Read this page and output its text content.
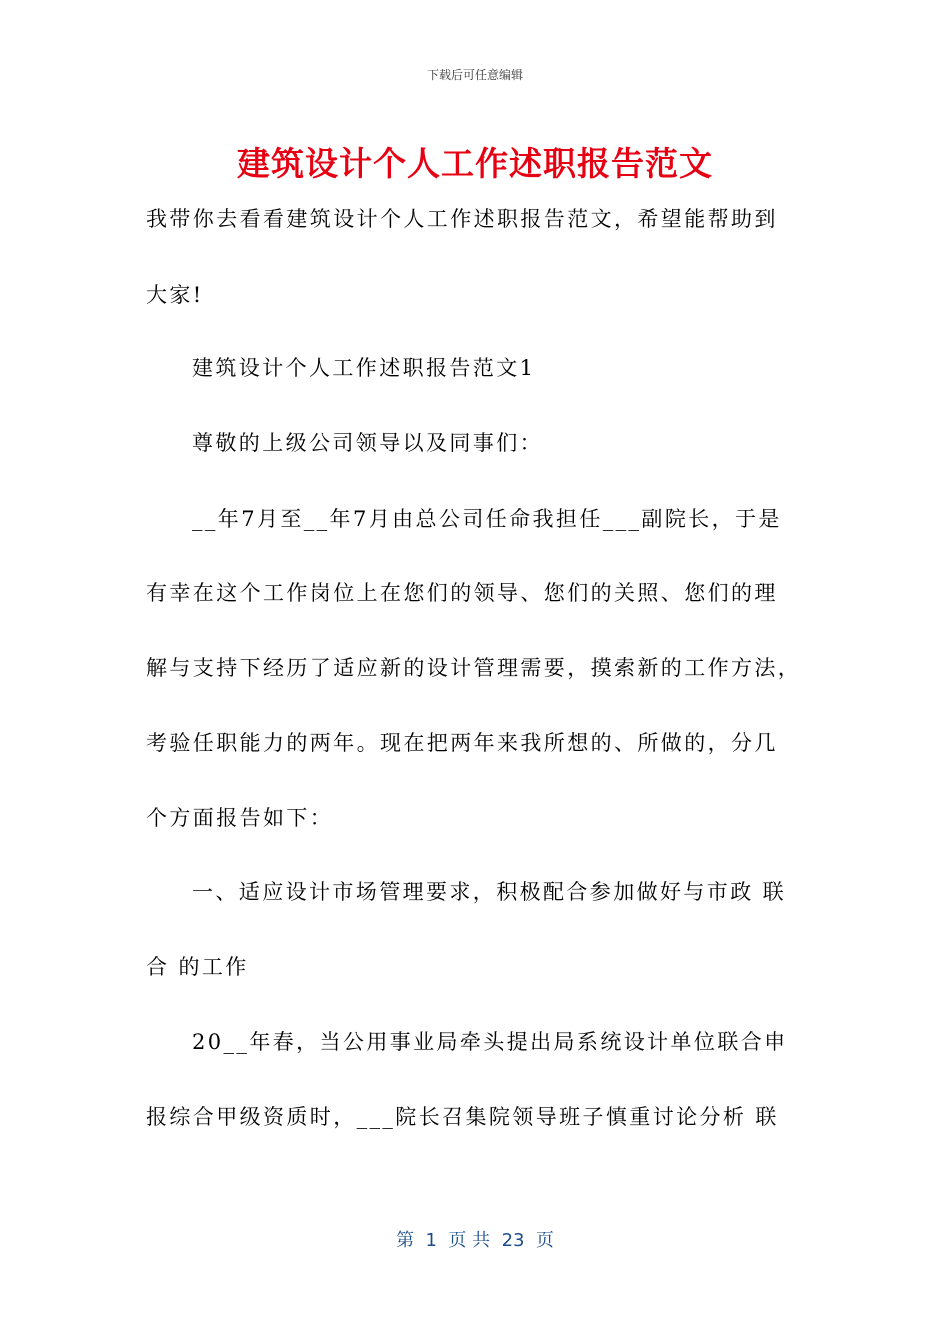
下载后可任意编辑
建筑设计个人工作述职报告范文
我带你去看看建筑设计个人工作述职报告范文，希望能帮助到
大家!
建筑设计个人工作述职报告范文1
尊敬的上级公司领导以及同事们：
__年7月至__年7月由总公司任命我担任___副院长，于是
有幸在这个工作岗位上在您们的领导、您们的关照、您们的理
解与支持下经历了适应新的设计管理需要，摸索新的工作方法，
考验任职能力的两年。现在把两年来我所想的、所做的，分几
个方面报告如下：
一、适应设计市场管理要求，积极配合参加做好与市政 联
合 的工作
20__年春，当公用事业局牵头提出局系统设计单位联合申
报综合甲级资质时，___院长召集院领导班子慎重讨论分析 联
第  1  页 共  23  页
